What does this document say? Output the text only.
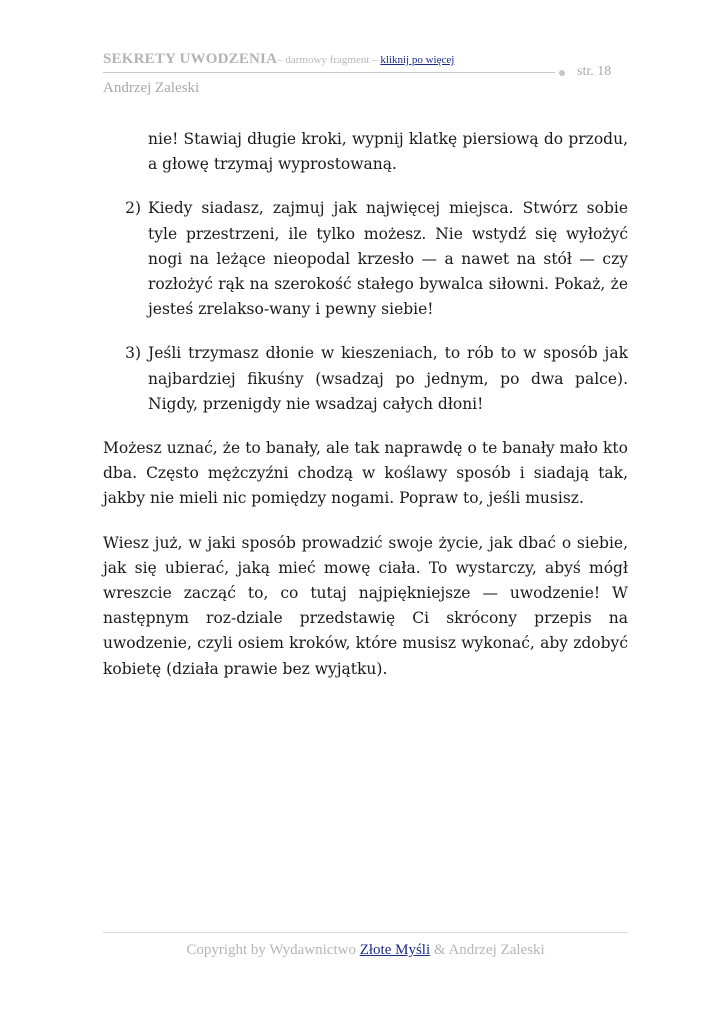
SEKRETY UWODZENIA– darmowy fragment – kliknij po więcej
str. 18
Andrzej Zaleski

nie! Stawiaj długie kroki, wypnij klatkę piersiową do przodu, a głowę trzymaj wyprostowaną.

2) Kiedy siadasz, zajmuj jak najwięcej miejsca. Stwórz sobie tyle przestrzeni, ile tylko możesz. Nie wstydź się wyłożyć nogi na leżące nieopodal krzesło — a nawet na stół — czy rozłożyć rąk na szerokość stałego bywalca siłowni. Pokaż, że jesteś zrelakso-wany i pewny siebie!
3) Jeśli trzymasz dłonie w kieszeniach, to rób to w sposób jak najbardziej fikuśny (wsadzaj po jednym, po dwa palce). Nigdy, przenigdy nie wsadzaj całych dłoni!

Możesz uznać, że to banały, ale tak naprawdę o te banały mało kto dba. Często mężczyźni chodzą w koślawy sposób i siadają tak, jakby nie mieli nic pomiędzy nogami. Popraw to, jeśli musisz.

Wiesz już, w jaki sposób prowadzić swoje życie, jak dbać o siebie, jak się ubierać, jaką mieć mowę ciała. To wystarczy, abyś mógł wreszcie zacząć to, co tutaj najpiękniejsze — uwodzenie! W następnym roz-dziale przedstawię Ci skrócony przepis na uwodzenie, czyli osiem kroków, które musisz wykonać, aby zdobyć kobietę (działa prawie bez wyjątku).

Copyright by Wydawnictwo Złote Myśli & Andrzej Zaleski
